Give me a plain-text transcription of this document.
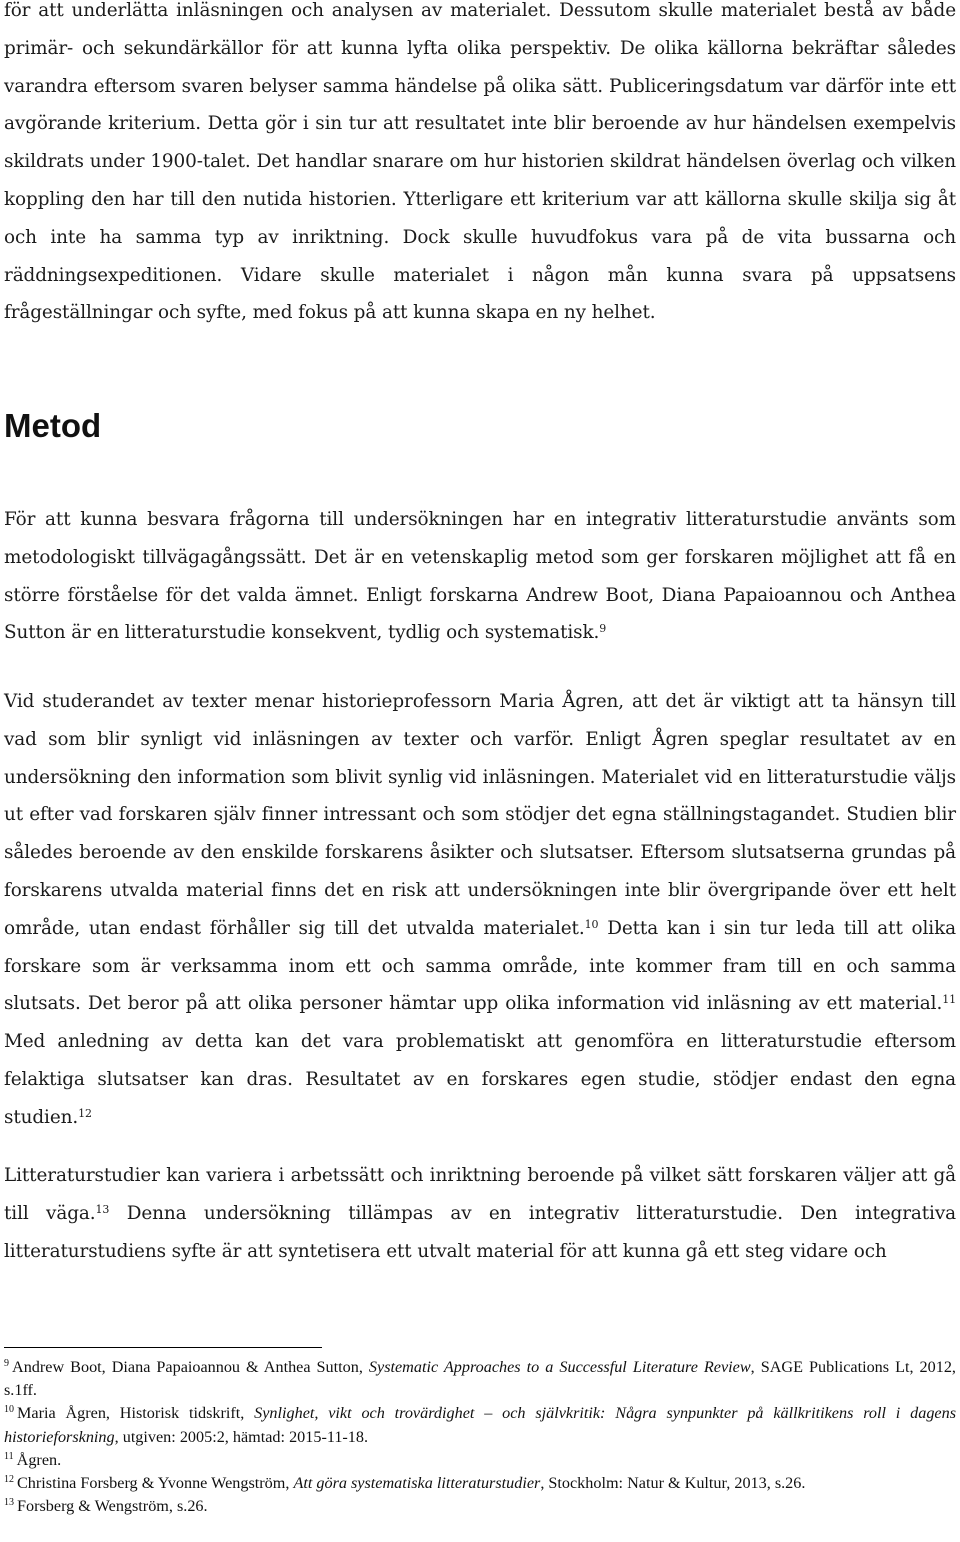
för att underlätta inläsningen och analysen av materialet. Dessutom skulle materialet bestå av både primär- och sekundärkällor för att kunna lyfta olika perspektiv. De olika källorna bekräftar således varandra eftersom svaren belyser samma händelse på olika sätt. Publiceringsdatum var därför inte ett avgörande kriterium. Detta gör i sin tur att resultatet inte blir beroende av hur händelsen exempelvis skildrats under 1900-talet. Det handlar snarare om hur historien skildrat händelsen överlag och vilken koppling den har till den nutida historien. Ytterligare ett kriterium var att källorna skulle skilja sig åt och inte ha samma typ av inriktning. Dock skulle huvudfokus vara på de vita bussarna och räddningsexpeditionen. Vidare skulle materialet i någon mån kunna svara på uppsatsens frågeställningar och syfte, med fokus på att kunna skapa en ny helhet.

Metod

För att kunna besvara frågorna till undersökningen har en integrativ litteraturstudie använts som metodologiskt tillvägagångssätt. Det är en vetenskaplig metod som ger forskaren möjlighet att få en större förståelse för det valda ämnet. Enligt forskarna Andrew Boot, Diana Papaioannou och Anthea Sutton är en litteraturstudie konsekvent, tydlig och systematisk.$^9$

Vid studerandet av texter menar historieprofessorn Maria Ågren, att det är viktigt att ta hänsyn till vad som blir synligt vid inläsningen av texter och varför. Enligt Ågren speglar resultatet av en undersökning den information som blivit synlig vid inläsningen. Materialet vid en litteraturstudie väljs ut efter vad forskaren själv finner intressant och som stödjer det egna ställningstagandet. Studien blir således beroende av den enskilde forskarens åsikter och slutsatser. Eftersom slutsatserna grundas på forskarens utvalda material finns det en risk att undersökningen inte blir övergripande över ett helt område, utan endast förhåller sig till det utvalda materialet.$^{10}$ Detta kan i sin tur leda till att olika forskare som är verksamma inom ett och samma område, inte kommer fram till en och samma slutsats. Det beror på att olika personer hämtar upp olika information vid inläsning av ett material.$^{11}$ Med anledning av detta kan det vara problematiskt att genomföra en litteraturstudie eftersom felaktiga slutsatser kan dras. Resultatet av en forskares egen studie, stödjer endast den egna studien.$^{12}$

Litteraturstudier kan variera i arbetssätt och inriktning beroende på vilket sätt forskaren väljer att gå till väga.$^{13}$ Denna undersökning tillämpas av en integrativ litteraturstudie. Den integrativa litteraturstudiens syfte är att syntetisera ett utvalt material för att kunna gå ett steg vidare och

$^9$ Andrew Boot, Diana Papaioannou & Anthea Sutton, Systematic Approaches to a Successful Literature Review, SAGE Publications Lt, 2012, s.1ff.

$^{10}$ Maria Ågren, Historisk tidskrift, Synlighet, vikt och trovärdighet – och självkritik: Några synpunkter på källkritikens roll i dagens historieforskning, utgiven: 2005:2, hämtad: 2015-11-18.

$^{11}$ Ågren.

$^{12}$ Christina Forsberg & Yvonne Wengström, Att göra systematiska litteraturstudier, Stockholm: Natur & Kultur, 2013, s.26.

$^{13}$ Forsberg & Wengström, s.26.
